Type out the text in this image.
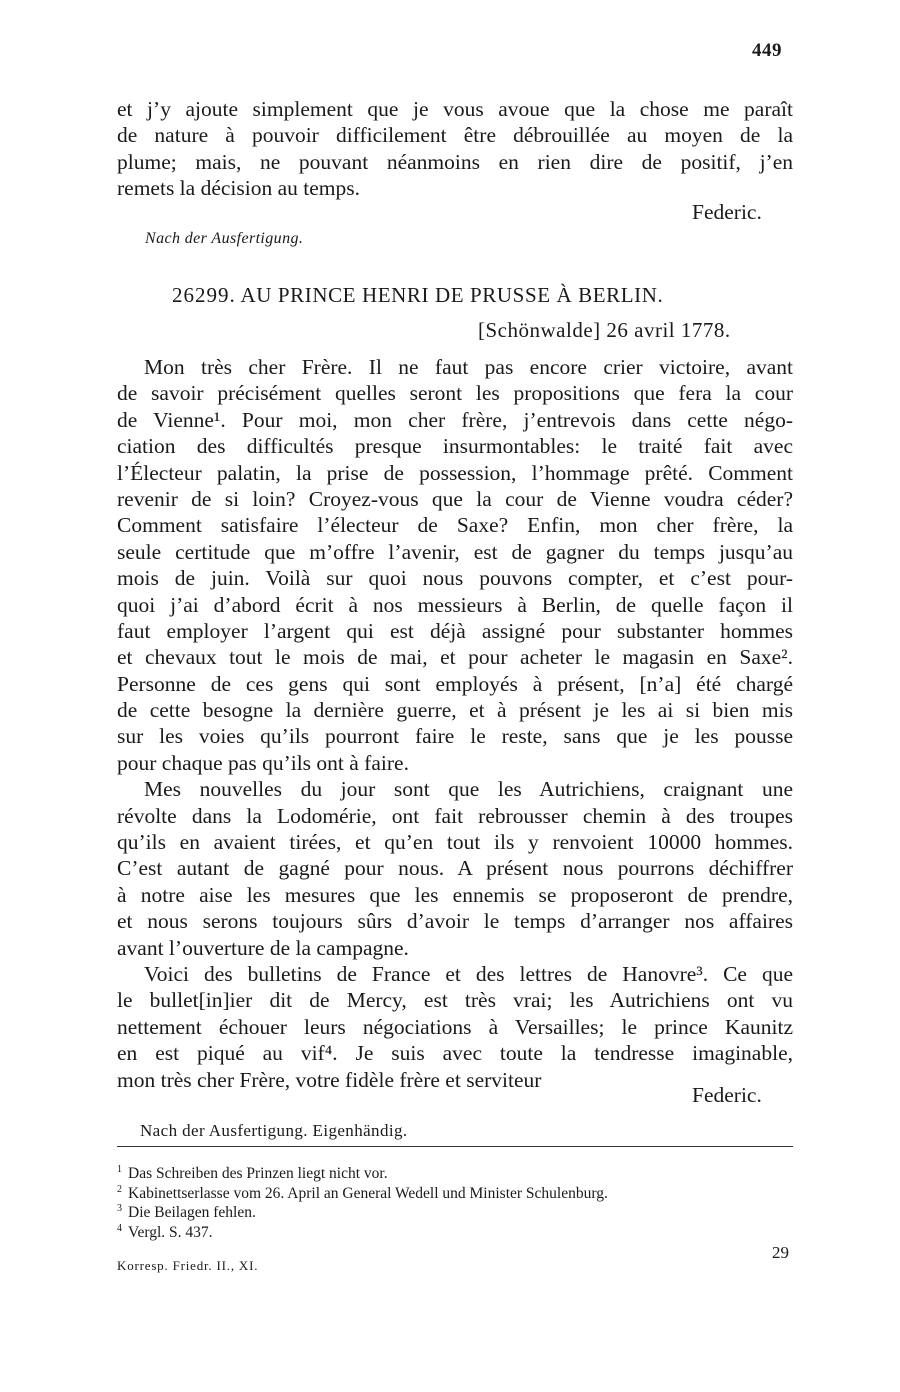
449
et j’y ajoute simplement que je vous avoue que la chose me paraît
de nature à pouvoir difficilement être débrouillée au moyen de la
plume; mais, ne pouvant néanmoins en rien dire de positif, j’en
remets la décision au temps.
Federic.
Nach der Ausfertigung.
26299. AU PRINCE HENRI DE PRUSSE À BERLIN.
[Schönwalde] 26 avril 1778.
Mon très cher Frère. Il ne faut pas encore crier victoire, avant
de savoir précisément quelles seront les propositions que fera la cour
de Vienne¹. Pour moi, mon cher frère, j’entrevois dans cette négo-
ciation des difficultés presque insurmontables: le traité fait avec
l’Électeur palatin, la prise de possession, l’hommage prêté. Comment
revenir de si loin? Croyez-vous que la cour de Vienne voudra céder?
Comment satisfaire l’électeur de Saxe? Enfin, mon cher frère, la
seule certitude que m’offre l’avenir, est de gagner du temps jusqu’au
mois de juin. Voilà sur quoi nous pouvons compter, et c’est pour-
quoi j’ai d’abord écrit à nos messieurs à Berlin, de quelle façon il
faut employer l’argent qui est déjà assigné pour substanter hommes
et chevaux tout le mois de mai, et pour acheter le magasin en Saxe².
Personne de ces gens qui sont employés à présent, [n’a] été chargé
de cette besogne la dernière guerre, et à présent je les ai si bien mis
sur les voies qu’ils pourront faire le reste, sans que je les pousse
pour chaque pas qu’ils ont à faire.
Mes nouvelles du jour sont que les Autrichiens, craignant une
révolte dans la Lodomérie, ont fait rebrousser chemin à des troupes
qu’ils en avaient tirées, et qu’en tout ils y renvoient 10000 hommes.
C’est autant de gagné pour nous. A présent nous pourrons déchiffrer
à notre aise les mesures que les ennemis se proposeront de prendre,
et nous serons toujours sûrs d’avoir le temps d’arranger nos affaires
avant l’ouverture de la campagne.
Voici des bulletins de France et des lettres de Hanovre³. Ce que
le bullet[in]ier dit de Mercy, est très vrai; les Autrichiens ont vu
nettement échouer leurs négociations à Versailles; le prince Kaunitz
en est piqué au vif⁴. Je suis avec toute la tendresse imaginable,
mon très cher Frère, votre fidèle frère et serviteur
Federic.
Nach der Ausfertigung. Eigenhändig.
$^1$ Das Schreiben des Prinzen liegt nicht vor.
$^2$ Kabinettserlasse vom 26. April an General Wedell und Minister Schulenburg.
$^3$ Die Beilagen fehlen.
$^4$ Vergl. S. 437.
29
Korresp. Friedr. II., XI.
